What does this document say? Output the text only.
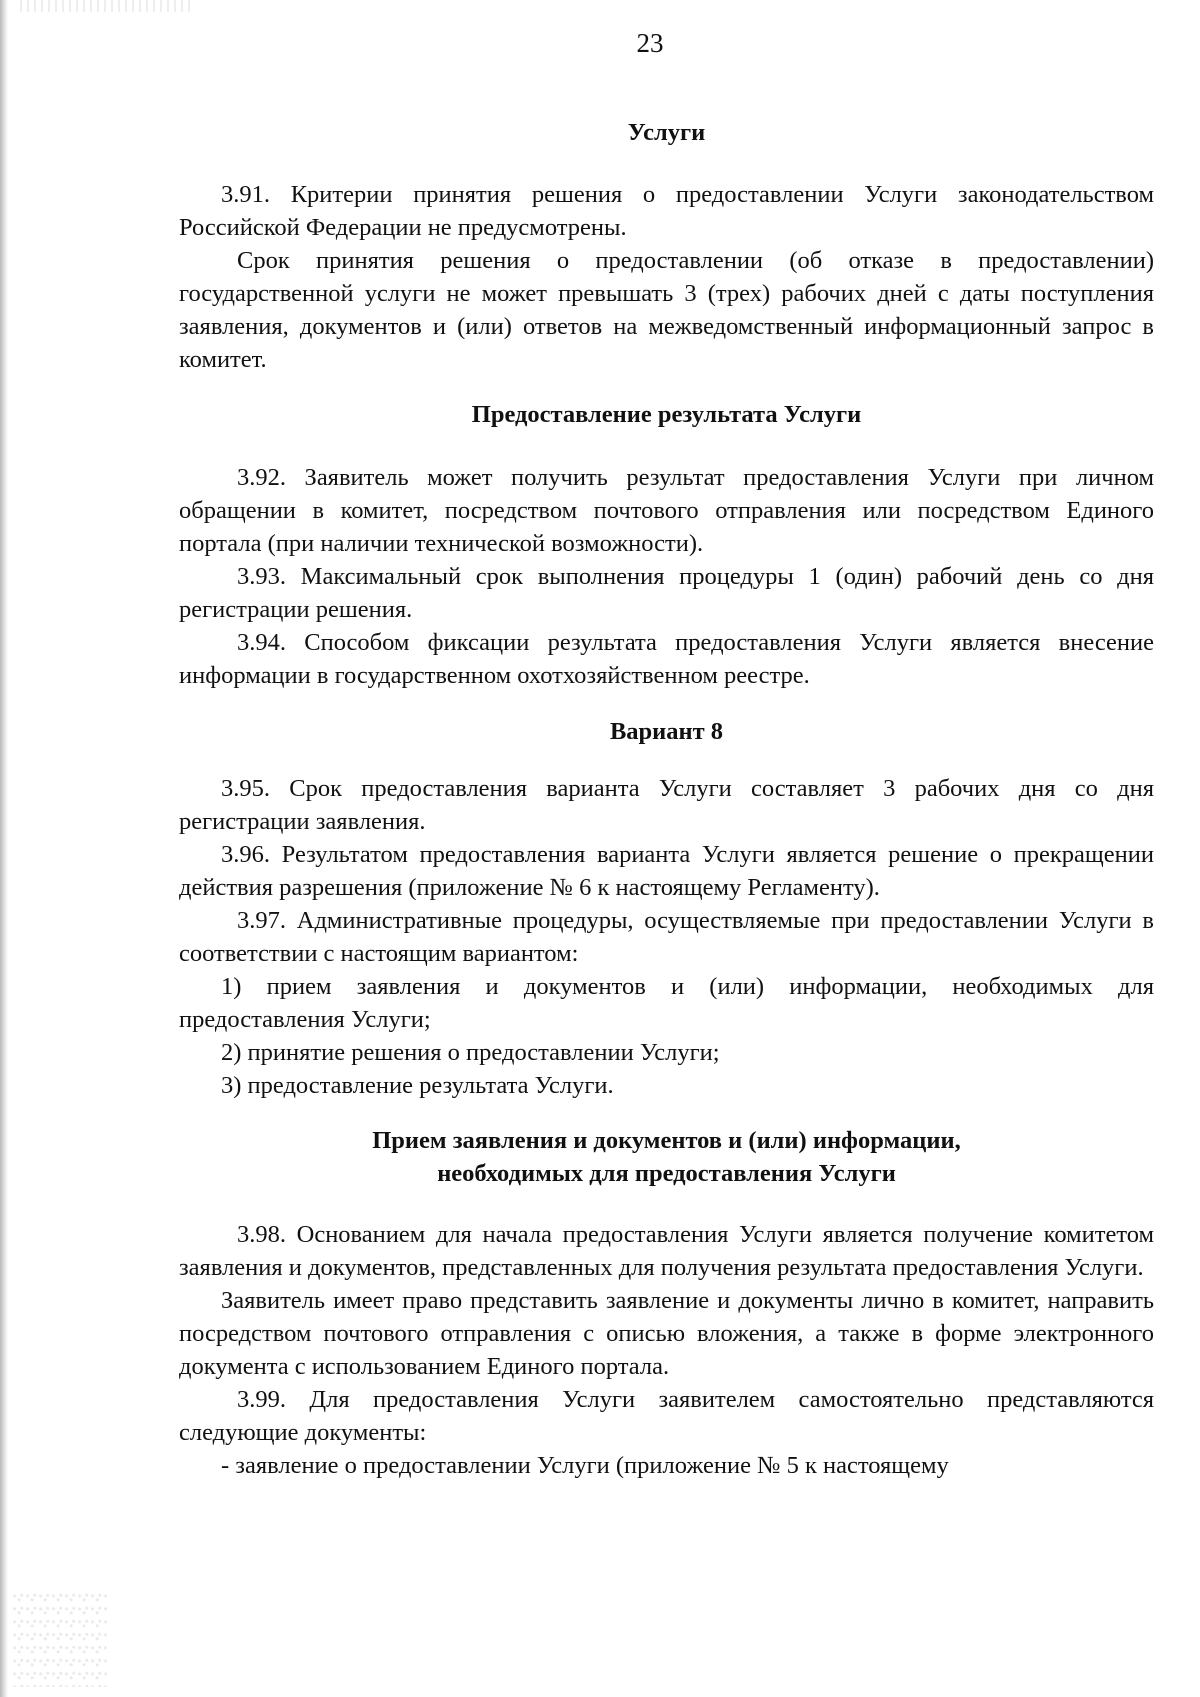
23

Услуги

3.91. Критерии принятия решения о предоставлении Услуги законодательством Российской Федерации не предусмотрены.

Срок принятия решения о предоставлении (об отказе в предоставлении) государственной услуги не может превышать 3 (трех) рабочих дней с даты поступления заявления, документов и (или) ответов на межведомственный информационный запрос в комитет.

Предоставление результата Услуги

3.92. Заявитель может получить результат предоставления Услуги при личном обращении в комитет, посредством почтового отправления или посредством Единого портала (при наличии технической возможности).

3.93. Максимальный срок выполнения процедуры 1 (один) рабочий день со дня регистрации решения.

3.94. Способом фиксации результата предоставления Услуги является внесение информации в государственном охотхозяйственном реестре.

Вариант 8

3.95. Срок предоставления варианта Услуги составляет 3 рабочих дня со дня регистрации заявления.

3.96. Результатом предоставления варианта Услуги является решение о прекращении действия разрешения (приложение № 6 к настоящему Регламенту).

3.97. Административные процедуры, осуществляемые при предоставлении Услуги в соответствии с настоящим вариантом:

1) прием заявления и документов и (или) информации, необходимых для предоставления Услуги;

2) принятие решения о предоставлении Услуги;

3) предоставление результата Услуги.

Прием заявления и документов и (или) информации,

необходимых для предоставления Услуги

3.98. Основанием для начала предоставления Услуги является получение комитетом заявления и документов, представленных для получения результата предоставления Услуги.

Заявитель имеет право представить заявление и документы лично в комитет, направить посредством почтового отправления с описью вложения, а также в форме электронного документа с использованием Единого портала.

3.99. Для предоставления Услуги заявителем самостоятельно представляются следующие документы:

- заявление о предоставлении Услуги (приложение № 5 к настоящему
